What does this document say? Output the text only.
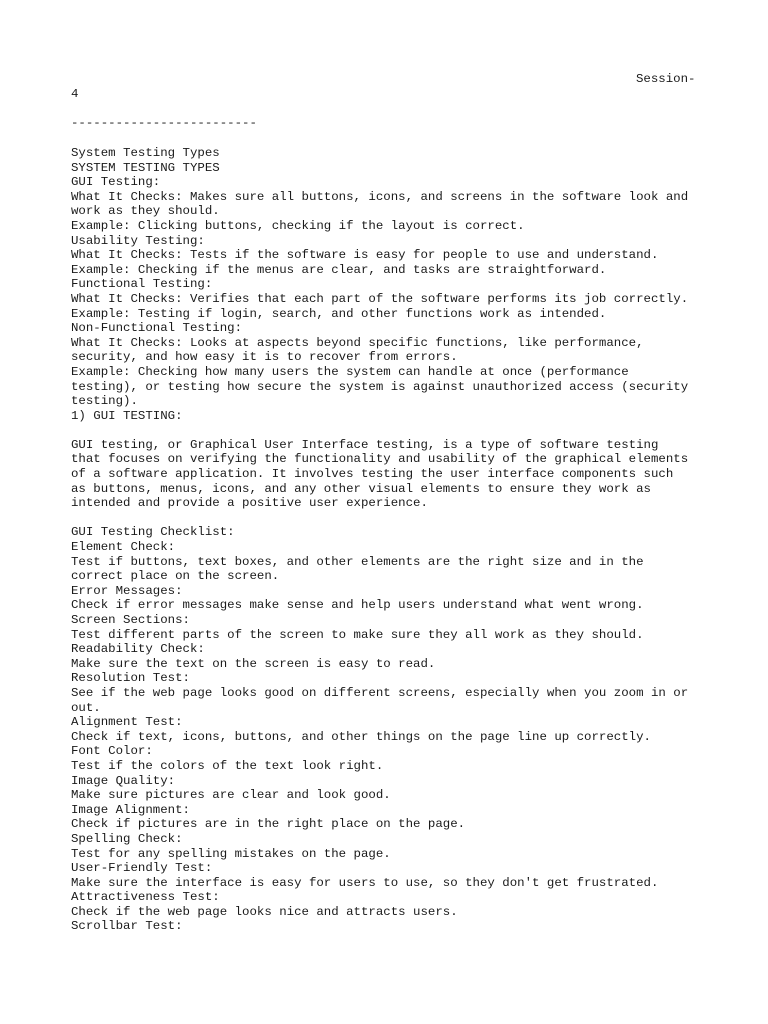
Session-
4
-------------------------
System Testing Types
SYSTEM TESTING TYPES
GUI Testing:
What It Checks: Makes sure all buttons, icons, and screens in the software look and
work as they should.
Example: Clicking buttons, checking if the layout is correct.
Usability Testing:
What It Checks: Tests if the software is easy for people to use and understand.
Example: Checking if the menus are clear, and tasks are straightforward.
Functional Testing:
What It Checks: Verifies that each part of the software performs its job correctly.
Example: Testing if login, search, and other functions work as intended.
Non-Functional Testing:
What It Checks: Looks at aspects beyond specific functions, like performance,
security, and how easy it is to recover from errors.
Example: Checking how many users the system can handle at once (performance
testing), or testing how secure the system is against unauthorized access (security
testing).
1) GUI TESTING:
GUI testing, or Graphical User Interface testing, is a type of software testing
that focuses on verifying the functionality and usability of the graphical elements
of a software application. It involves testing the user interface components such
as buttons, menus, icons, and any other visual elements to ensure they work as
intended and provide a positive user experience.
GUI Testing Checklist:
Element Check:
Test if buttons, text boxes, and other elements are the right size and in the
correct place on the screen.
Error Messages:
Check if error messages make sense and help users understand what went wrong.
Screen Sections:
Test different parts of the screen to make sure they all work as they should.
Readability Check:
Make sure the text on the screen is easy to read.
Resolution Test:
See if the web page looks good on different screens, especially when you zoom in or
out.
Alignment Test:
Check if text, icons, buttons, and other things on the page line up correctly.
Font Color:
Test if the colors of the text look right.
Image Quality:
Make sure pictures are clear and look good.
Image Alignment:
Check if pictures are in the right place on the page.
Spelling Check:
Test for any spelling mistakes on the page.
User-Friendly Test:
Make sure the interface is easy for users to use, so they don't get frustrated.
Attractiveness Test:
Check if the web page looks nice and attracts users.
Scrollbar Test:
